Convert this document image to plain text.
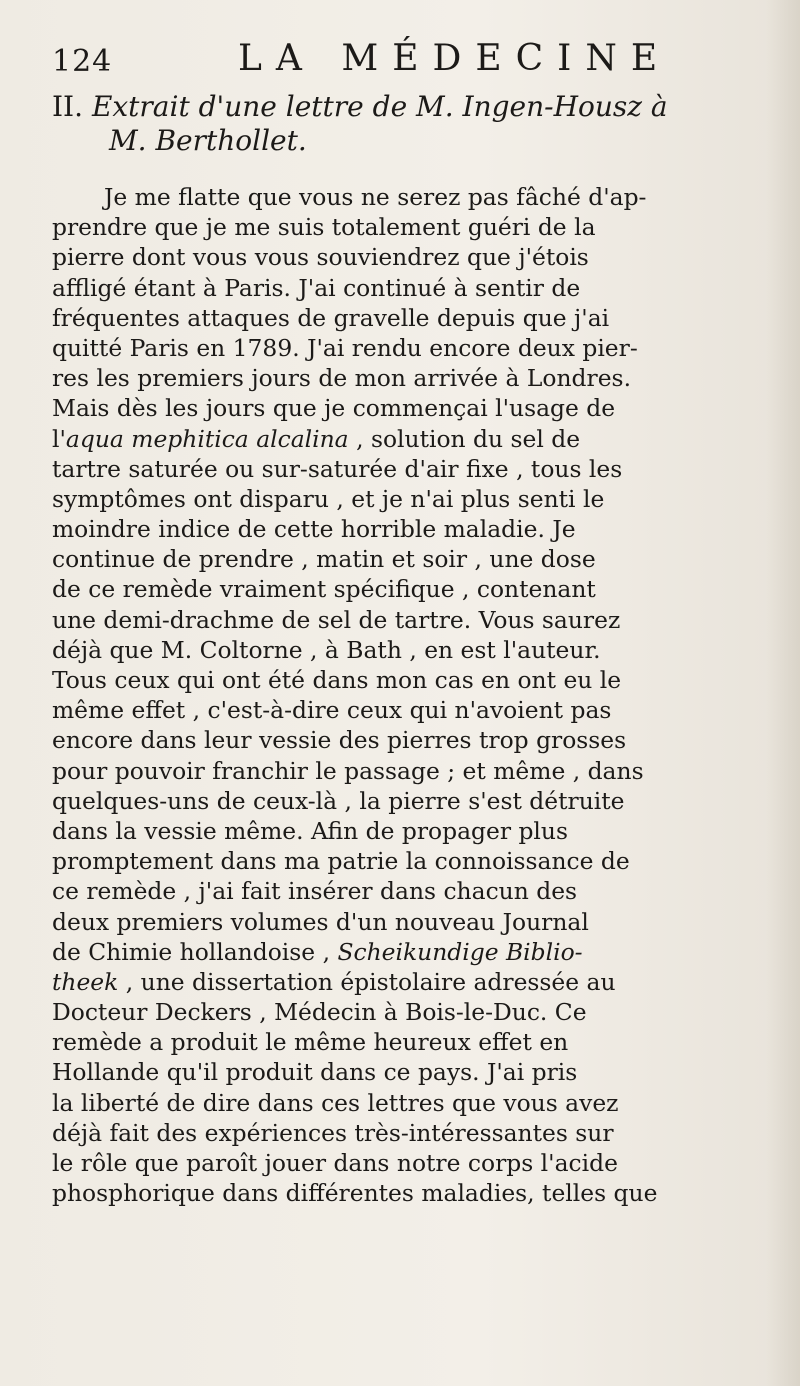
124	LA MÉDECINE
II. Extrait d'une lettre de M. Ingen-Housz à
M. Berthollet.
Je me flatte que vous ne serez pas fâché d'ap-
prendre que je me suis totalement guéri de la
pierre dont vous vous souviendrez que j'étois
affligé étant à Paris. J'ai continué à sentir de
fréquentes attaques de gravelle depuis que j'ai
quitté Paris en 1789. J'ai rendu encore deux pier-
res les premiers jours de mon arrivée à Londres.
Mais dès les jours que je commençai l'usage de
l'aqua mephitica alcalina , solution du sel de
tartre saturée ou sur-saturée d'air fixe , tous les
symptômes ont disparu , et je n'ai plus senti le
moindre indice de cette horrible maladie. Je
continue de prendre , matin et soir , une dose
de ce remède vraiment spécifique , contenant
une demi-drachme de sel de tartre. Vous saurez
déjà que M. Coltorne , à Bath , en est l'auteur.
Tous ceux qui ont été dans mon cas en ont eu le
même effet , c'est-à-dire ceux qui n'avoient pas
encore dans leur vessie des pierres trop grosses
pour pouvoir franchir le passage ; et même , dans
quelques-uns de ceux-là , la pierre s'est détruite
dans la vessie même. Afin de propager plus
promptement dans ma patrie la connoissance de
ce remède , j'ai fait insérer dans chacun des
deux premiers volumes d'un nouveau Journal
de Chimie hollandoise , Scheikundige Biblio-
theek , une dissertation épistolaire adressée au
Docteur Deckers , Médecin à Bois-le-Duc. Ce
remède a produit le même heureux effet en
Hollande qu'il produit dans ce pays. J'ai pris
la liberté de dire dans ces lettres que vous avez
déjà fait des expériences très-intéressantes sur
le rôle que paroît jouer dans notre corps l'acide
phosphorique dans différentes maladies, telles que
